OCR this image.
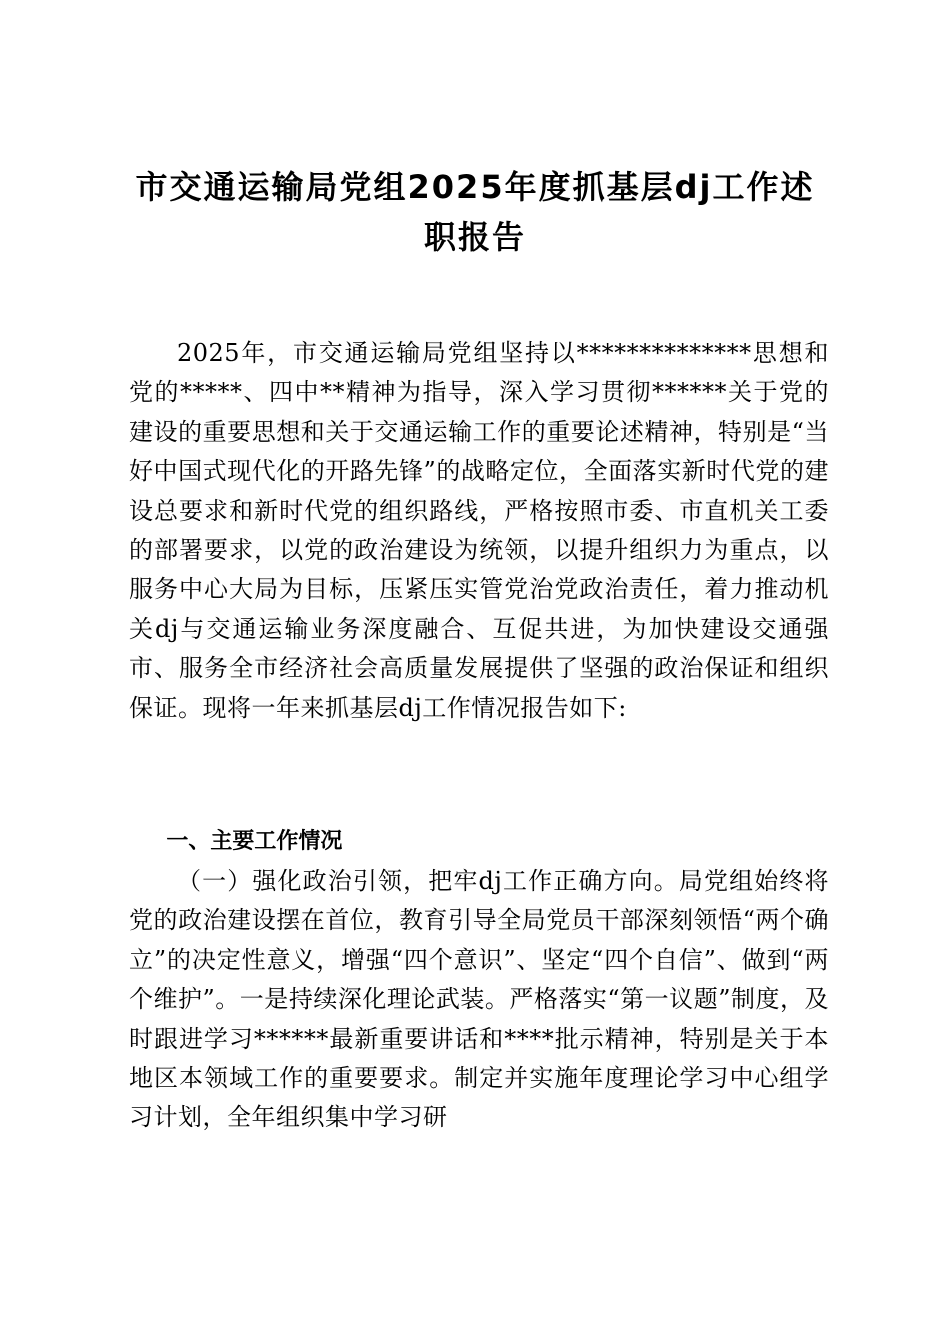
市交通运输局党组2025年度抓基层dj工作述职报告

2025年，市交通运输局党组坚持以**************思想和党的*****、四中**精神为指导，深入学习贯彻******关于党的建设的重要思想和关于交通运输工作的重要论述精神，特别是“当好中国式现代化的开路先锋”的战略定位，全面落实新时代党的建设总要求和新时代党的组织路线，严格按照市委、市直机关工委的部署要求，以党的政治建设为统领，以提升组织力为重点，以服务中心大局为目标，压紧压实管党治党政治责任，着力推动机关dj与交通运输业务深度融合、互促共进，为加快建设交通强市、服务全市经济社会高质量发展提供了坚强的政治保证和组织保证。现将一年来抓基层dj工作情况报告如下:

一、主要工作情况

（一）强化政治引领，把牢dj工作正确方向。局党组始终将党的政治建设摆在首位，教育引导全局党员干部深刻领悟“两个确立”的决定性意义，增强“四个意识”、坚定“四个自信”、做到“两个维护”。一是持续深化理论武装。严格落实“第一议题”制度，及时跟进学习******最新重要讲话和****批示精神，特别是关于本地区本领域工作的重要要求。制定并实施年度理论学习中心组学习计划，全年组织集中学习研
